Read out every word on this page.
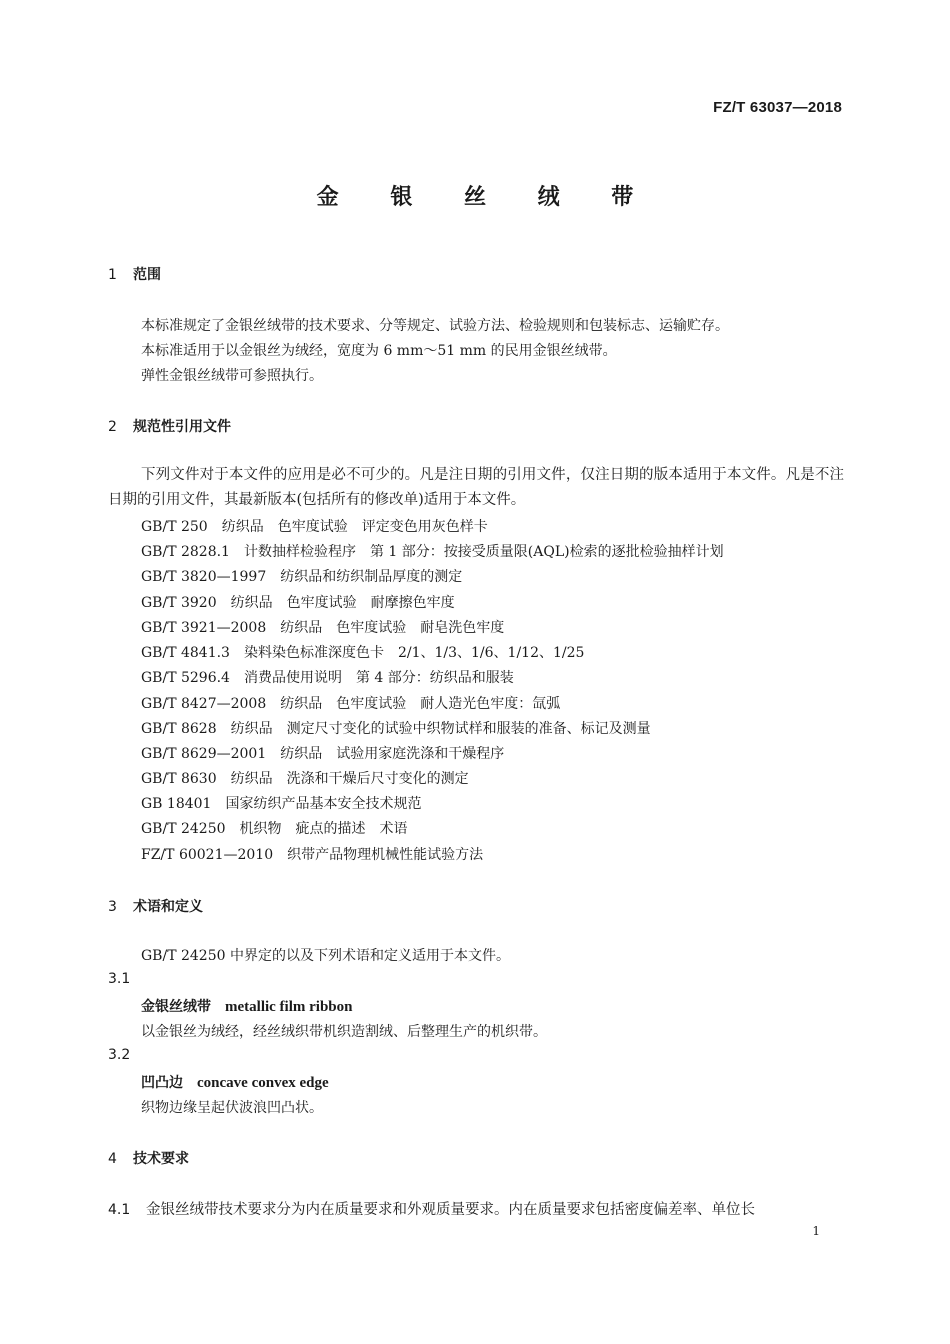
FZ/T 63037—2018
金 银 丝 绒 带
1 范围
本标准规定了金银丝绒带的技术要求、分等规定、试验方法、检验规则和包装标志、运输贮存。
本标准适用于以金银丝为绒经，宽度为 6 mm～51 mm 的民用金银丝绒带。
弹性金银丝绒带可参照执行。
2 规范性引用文件
下列文件对于本文件的应用是必不可少的。凡是注日期的引用文件，仅注日期的版本适用于本文件。凡是不注日期的引用文件，其最新版本(包括所有的修改单)适用于本文件。
GB/T 250　纺织品　色牢度试验　评定变色用灰色样卡
GB/T 2828.1　计数抽样检验程序　第 1 部分：按接受质量限(AQL)检索的逐批检验抽样计划
GB/T 3820—1997　纺织品和纺织制品厚度的测定
GB/T 3920　纺织品　色牢度试验　耐摩擦色牢度
GB/T 3921—2008　纺织品　色牢度试验　耐皂洗色牢度
GB/T 4841.3　染料染色标准深度色卡　2/1、1/3、1/6、1/12、1/25
GB/T 5296.4　消费品使用说明　第 4 部分：纺织品和服装
GB/T 8427—2008　纺织品　色牢度试验　耐人造光色牢度：氙弧
GB/T 8628　纺织品　测定尺寸变化的试验中织物试样和服装的准备、标记及测量
GB/T 8629—2001　纺织品　试验用家庭洗涤和干燥程序
GB/T 8630　纺织品　洗涤和干燥后尺寸变化的测定
GB 18401　国家纺织产品基本安全技术规范
GB/T 24250　机织物　疵点的描述　术语
FZ/T 60021—2010　织带产品物理机械性能试验方法
3 术语和定义
GB/T 24250 中界定的以及下列术语和定义适用于本文件。
3.1
金银丝绒带 metallic film ribbon
以金银丝为绒经，经丝绒织带机织造割绒、后整理生产的机织带。
3.2
凹凸边 concave convex edge
织物边缘呈起伏波浪凹凸状。
4 技术要求
4.1 金银丝绒带技术要求分为内在质量要求和外观质量要求。内在质量要求包括密度偏差率、单位长
1
